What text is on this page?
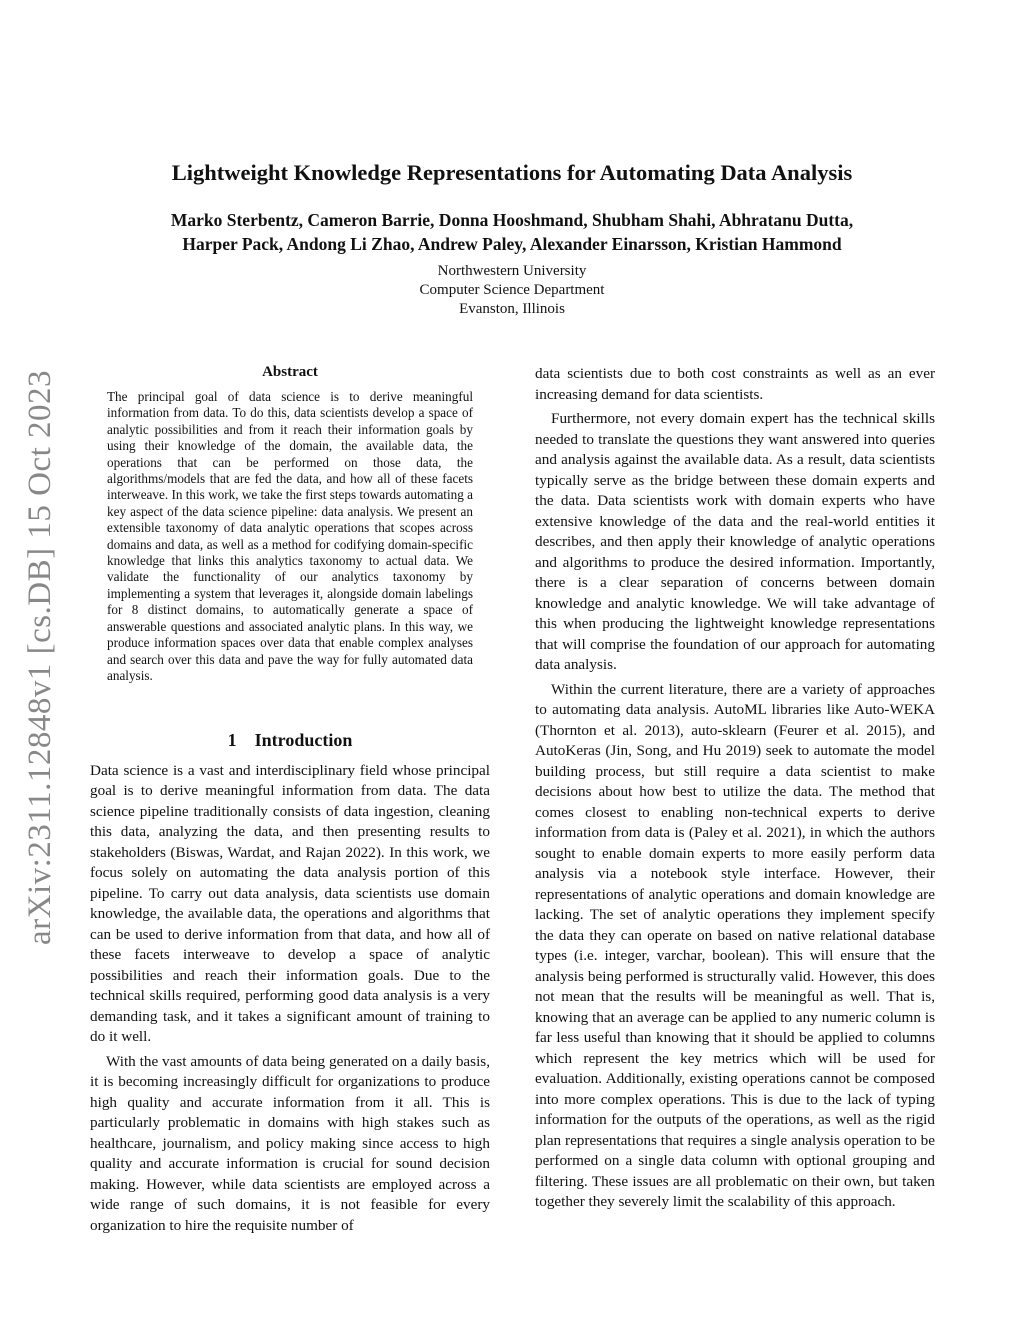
Lightweight Knowledge Representations for Automating Data Analysis
Marko Sterbentz, Cameron Barrie, Donna Hooshmand, Shubham Shahi, Abhratanu Dutta,
Harper Pack, Andong Li Zhao, Andrew Paley, Alexander Einarsson, Kristian Hammond
Northwestern University
Computer Science Department
Evanston, Illinois
arXiv:2311.12848v1 [cs.DB] 15 Oct 2023	Abstract

The principal goal of data science is to derive meaningful information from data. To do this, data scientists develop a space of analytic possibilities and from it reach their information goals by using their knowledge of the domain, the available data, the operations that can be performed on those data, the algorithms/models that are fed the data, and how all of these facets interweave. In this work, we take the first steps towards automating a key aspect of the data science pipeline: data analysis. We present an extensible taxonomy of data analytic operations that scopes across domains and data, as well as a method for codifying domain-specific knowledge that links this analytics taxonomy to actual data. We validate the functionality of our analytics taxonomy by implementing a system that leverages it, alongside domain labelings for 8 distinct domains, to automatically generate a space of answerable questions and associated analytic plans. In this way, we produce information spaces over data that enable complex analyses and search over this data and pave the way for fully automated data analysis.

1    Introduction

Data science is a vast and interdisciplinary field whose principal goal is to derive meaningful information from data. The data science pipeline traditionally consists of data ingestion, cleaning this data, analyzing the data, and then presenting results to stakeholders (Biswas, Wardat, and Rajan 2022). In this work, we focus solely on automating the data analysis portion of this pipeline. To carry out data analysis, data scientists use domain knowledge, the available data, the operations and algorithms that can be used to derive information from that data, and how all of these facets interweave to develop a space of analytic possibilities and reach their information goals. Due to the technical skills required, performing good data analysis is a very demanding task, and it takes a significant amount of training to do it well.

With the vast amounts of data being generated on a daily basis, it is becoming increasingly difficult for organizations to produce high quality and accurate information from it all. This is particularly problematic in domains with high stakes such as healthcare, journalism, and policy making since access to high quality and accurate information is crucial for sound decision making. However, while data scientists are employed across a wide range of such domains, it is not feasible for every organization to hire the requisite number of

data scientists due to both cost constraints as well as an ever increasing demand for data scientists.

Furthermore, not every domain expert has the technical skills needed to translate the questions they want answered into queries and analysis against the available data. As a result, data scientists typically serve as the bridge between these domain experts and the data. Data scientists work with domain experts who have extensive knowledge of the data and the real-world entities it describes, and then apply their knowledge of analytic operations and algorithms to produce the desired information. Importantly, there is a clear separation of concerns between domain knowledge and analytic knowledge. We will take advantage of this when producing the lightweight knowledge representations that will comprise the foundation of our approach for automating data analysis.

Within the current literature, there are a variety of approaches to automating data analysis. AutoML libraries like Auto-WEKA (Thornton et al. 2013), auto-sklearn (Feurer et al. 2015), and AutoKeras (Jin, Song, and Hu 2019) seek to automate the model building process, but still require a data scientist to make decisions about how best to utilize the data. The method that comes closest to enabling non-technical experts to derive information from data is (Paley et al. 2021), in which the authors sought to enable domain experts to more easily perform data analysis via a notebook style interface. However, their representations of analytic operations and domain knowledge are lacking. The set of analytic operations they implement specify the data they can operate on based on native relational database types (i.e. integer, varchar, boolean). This will ensure that the analysis being performed is structurally valid. However, this does not mean that the results will be meaningful as well. That is, knowing that an average can be applied to any numeric column is far less useful than knowing that it should be applied to columns which represent the key metrics which will be used for evaluation. Additionally, existing operations cannot be composed into more complex operations. This is due to the lack of typing information for the outputs of the operations, as well as the rigid plan representations that requires a single analysis operation to be performed on a single data column with optional grouping and filtering. These issues are all problematic on their own, but taken together they severely limit the scalability of this approach.
